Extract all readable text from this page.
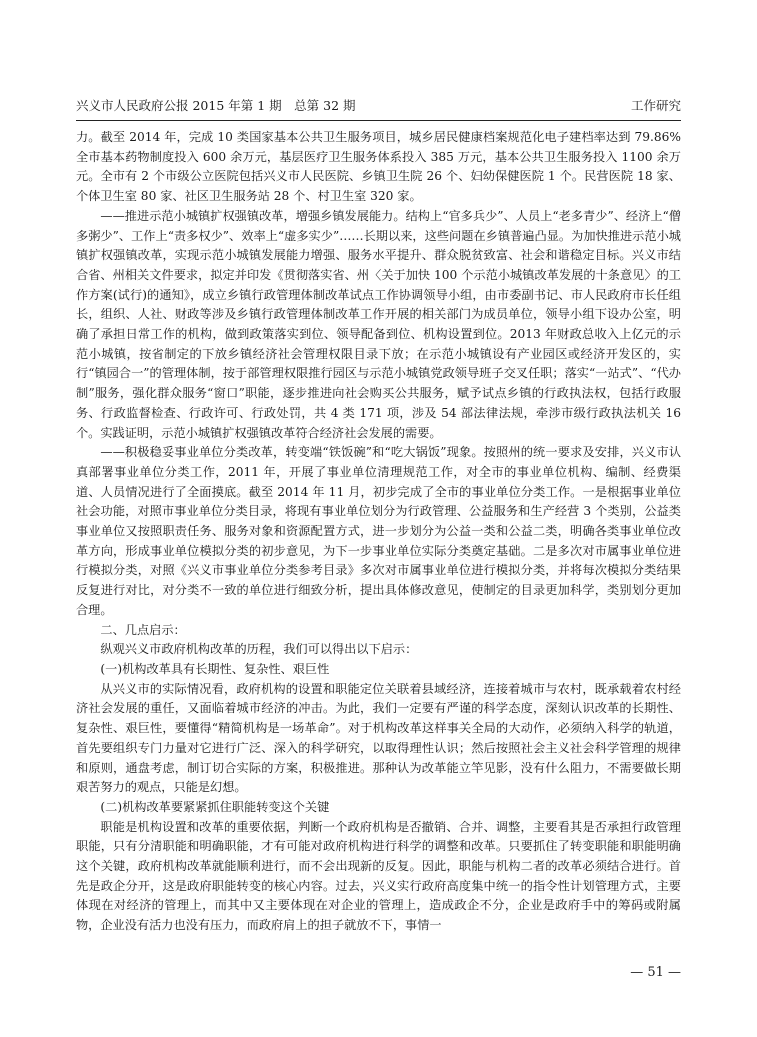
兴义市人民政府公报 2015 年第 1 期　总第 32 期	工作研究

力。截至 2014 年，完成 10 类国家基本公共卫生服务项目，城乡居民健康档案规范化电子建档率达到 79.86%全市基本药物制度投入 600 余万元，基层医疗卫生服务体系投入 385 万元，基本公共卫生服务投入 1100 余万元。全市有 2 个市级公立医院包括兴义市人民医院、乡镇卫生院 26 个、妇幼保健医院 1 个。民营医院 18 家、个体卫生室 80 家、社区卫生服务站 28 个、村卫生室 320 家。

——推进示范小城镇扩权强镇改革，增强乡镇发展能力。结构上“官多兵少”、人员上“老多青少”、经济上“僧多粥少”、工作上“责多权少”、效率上“虚多实少”……长期以来，这些问题在乡镇普遍凸显。为加快推进示范小城镇扩权强镇改革，实现示范小城镇发展能力增强、服务水平提升、群众脱贫致富、社会和谐稳定目标。兴义市结合省、州相关文件要求，拟定并印发《贯彻落实省、州〈关于加快 100 个示范小城镇改革发展的十条意见〉的工作方案(试行)的通知》，成立乡镇行政管理体制改革试点工作协调领导小组，由市委副书记、市人民政府市长任组长，组织、人社、财政等涉及乡镇行政管理体制改革工作开展的相关部门为成员单位，领导小组下设办公室，明确了承担日常工作的机构，做到政策落实到位、领导配备到位、机构设置到位。2013 年财政总收入上亿元的示范小城镇，按省制定的下放乡镇经济社会管理权限目录下放；在示范小城镇设有产业园区或经济开发区的，实行“镇园合一”的管理体制，按于部管理权限推行园区与示范小城镇党政领导班子交叉任职；落实“一站式”、“代办制”服务，强化群众服务“窗口”职能，逐步推进向社会购买公共服务，赋予试点乡镇的行政执法权，包括行政服务、行政监督检查、行政许可、行政处罚，共 4 类 171 项，涉及 54 部法律法规，牵涉市级行政执法机关 16 个。实践证明，示范小城镇扩权强镇改革符合经济社会发展的需要。

——积极稳妥事业单位分类改革，转变端“铁饭碗”和“吃大锅饭”现象。按照州的统一要求及安排，兴义市认真部署事业单位分类工作，2011 年，开展了事业单位清理规范工作，对全市的事业单位机构、编制、经费渠道、人员情况进行了全面摸底。截至 2014 年 11 月，初步完成了全市的事业单位分类工作。一是根据事业单位社会功能，对照市事业单位分类目录，将现有事业单位划分为行政管理、公益服务和生产经营 3 个类别，公益类事业单位又按照职责任务、服务对象和资源配置方式，进一步划分为公益一类和公益二类，明确各类事业单位改革方向，形成事业单位模拟分类的初步意见，为下一步事业单位实际分类奠定基础。二是多次对市属事业单位进行模拟分类，对照《兴义市事业单位分类参考目录》多次对市属事业单位进行模拟分类，并将每次模拟分类结果反复进行对比，对分类不一致的单位进行细致分析，提出具体修改意见，使制定的目录更加科学，类别划分更加合理。

二、几点启示：

纵观兴义市政府机构改革的历程，我们可以得出以下启示：

(一)机构改革具有长期性、复杂性、艰巨性

从兴义市的实际情况看，政府机构的设置和职能定位关联着县域经济，连接着城市与农村，既承载着农村经济社会发展的重任，又面临着城市经济的冲击。为此，我们一定要有严谨的科学态度，深刻认识改革的长期性、复杂性、艰巨性，要懂得“精简机构是一场革命”。对于机构改革这样事关全局的大动作，必须纳入科学的轨道，首先要组织专门力量对它进行广泛、深入的科学研究，以取得理性认识；然后按照社会主义社会科学管理的规律和原则，通盘考虑，制订切合实际的方案，积极推进。那种认为改革能立竿见影，没有什么阻力，不需要做长期艰苦努力的观点，只能是幻想。

(二)机构改革要紧紧抓住职能转变这个关键

职能是机构设置和改革的重要依据，判断一个政府机构是否撤销、合并、调整，主要看其是否承担行政管理职能，只有分清职能和明确职能，才有可能对政府机构进行科学的调整和改革。只要抓住了转变职能和职能明确这个关键，政府机构改革就能顺利进行，而不会出现新的反复。因此，职能与机构二者的改革必须结合进行。首先是政企分开，这是政府职能转变的核心内容。过去，兴义实行政府高度集中统一的指令性计划管理方式，主要体现在对经济的管理上，而其中又主要体现在对企业的管理上，造成政企不分，企业是政府手中的筹码或附属物，企业没有活力也没有压力，而政府肩上的担子就放不下，事情一

— 51 —
